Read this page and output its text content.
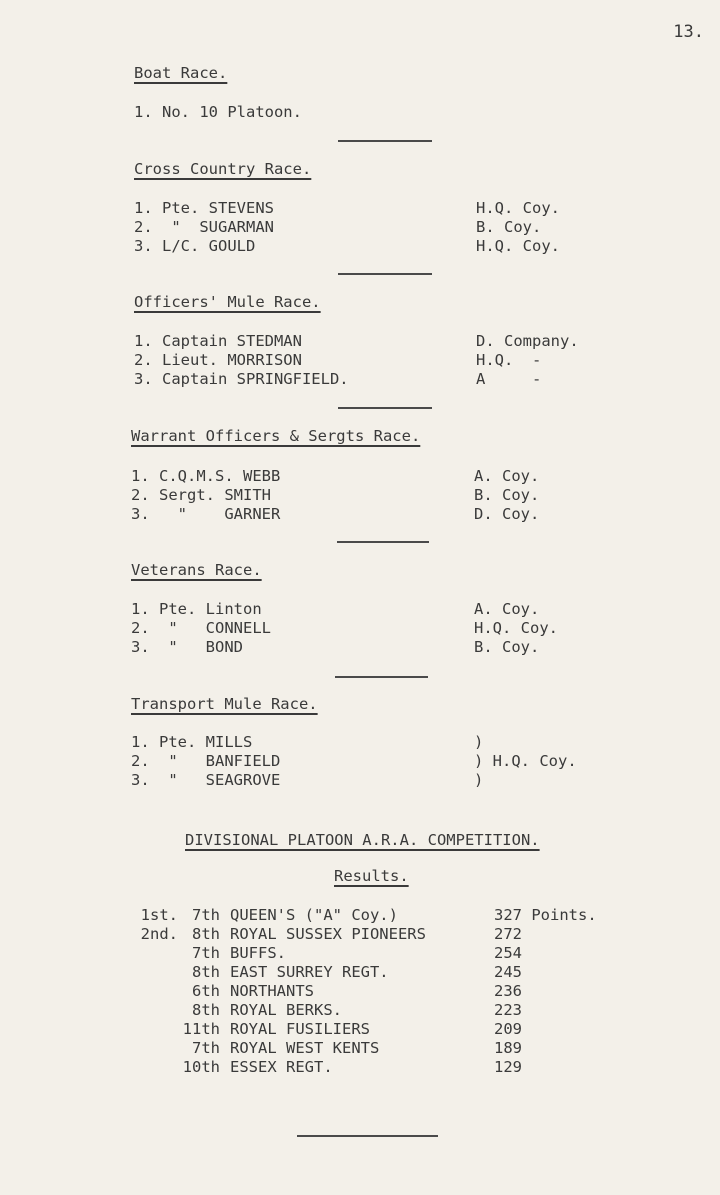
13.
Boat Race.
1. No. 10 Platoon.
Cross Country Race.
1. Pte. STEVENS	H.Q. Coy.
2.  "  SUGARMAN	B. Coy.
3. L/C. GOULD	H.Q. Coy.
Officers' Mule Race.
1. Captain STEDMAN	D. Company.
2. Lieut. MORRISON	H.Q.  -
3. Captain SPRINGFIELD.	A     -
Warrant Officers & Sergts Race.
1. C.Q.M.S. WEBB	A. Coy.
2. Sergt. SMITH	B. Coy.
3.   "    GARNER	D. Coy.
Veterans Race.
1. Pte. Linton	A. Coy.
2.  "   CONNELL	H.Q. Coy.
3.  "   BOND	B. Coy.
Transport Mule Race.
1. Pte. MILLS	)
2.  "   BANFIELD	) H.Q. Coy.
3.  "   SEAGROVE	)
DIVISIONAL PLATOON A.R.A. COMPETITION.
Results.
1st. 7th QUEEN'S ("A" Coy.)	327 Points.
2nd. 8th ROYAL SUSSEX PIONEERS	272
7th BUFFS.	254
8th EAST SURREY REGT.	245
6th NORTHANTS	236
8th ROYAL BERKS.	223
11th ROYAL FUSILIERS	209
7th ROYAL WEST KENTS	189
10th ESSEX REGT.	129
